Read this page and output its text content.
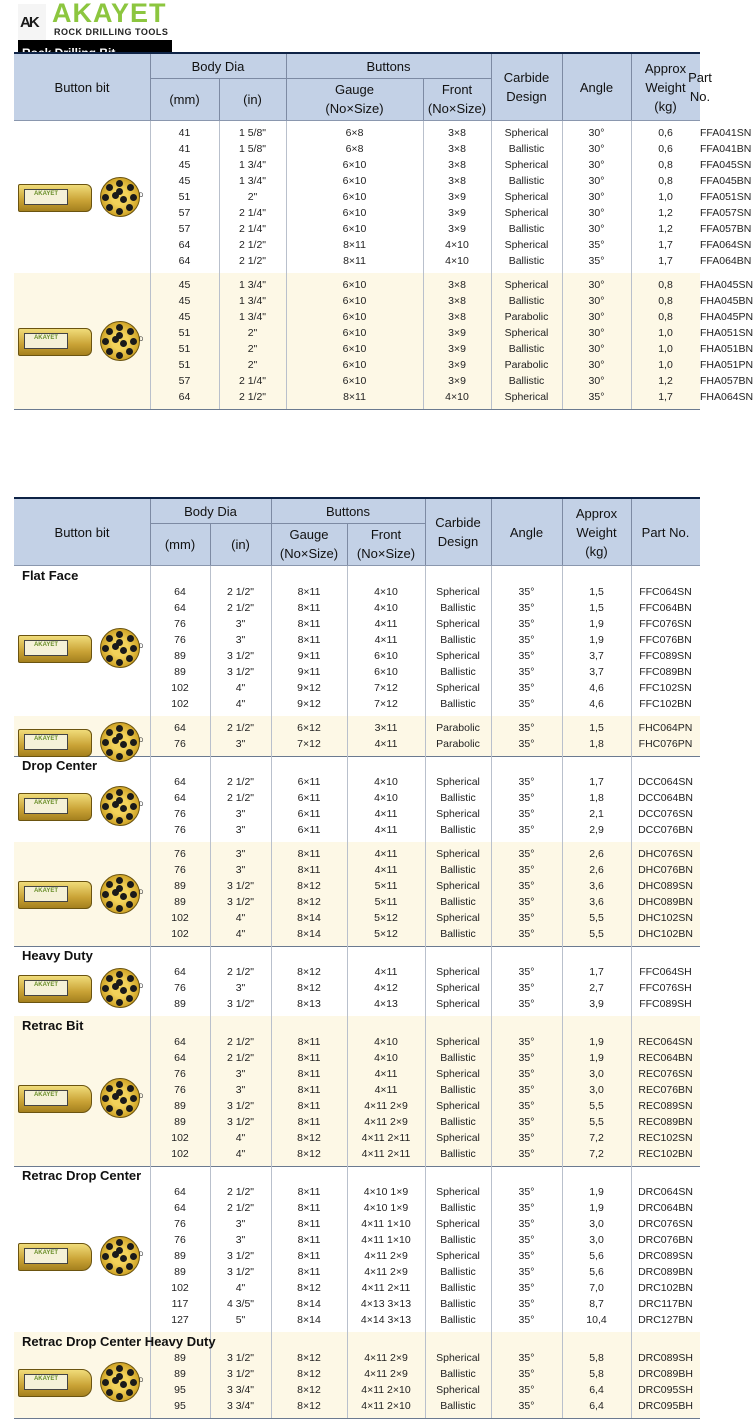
AK AKAYET
ROCK DRILLING TOOLS
Button bit
Body Dia
(mm)	(in)
Buttons
Gauge
(No×Size)
Front
(No×Size)
Carbide
Design
Angle
Approx
Weight
(kg)
Part No.
AKAYET	D
41	1 5/8"	6×8	3×8	Spherical	30°	0,6	FFA041SN
41	1 5/8"	6×8	3×8	Ballistic	30°	0,6	FFA041BN
45	1 3/4"	6×10	3×8	Spherical	30°	0,8	FFA045SN
45	1 3/4"	6×10	3×8	Ballistic	30°	0,8	FFA045BN
51	2"	6×10	3×9	Spherical	30°	1,0	FFA051SN
57	2 1/4"	6×10	3×9	Spherical	30°	1,2	FFA057SN
57	2 1/4"	6×10	3×9	Ballistic	30°	1,2	FFA057BN
64	2 1/2"	8×11	4×10	Spherical	35°	1,7	FFA064SN
64	2 1/2"	8×11	4×10	Ballistic	35°	1,7	FFA064BN
AKAYET	D
45	1 3/4"	6×10	3×8	Spherical	30°	0,8	FHA045SN
45	1 3/4"	6×10	3×8	Ballistic	30°	0,8	FHA045BN
45	1 3/4"	6×10	3×8	Parabolic	30°	0,8	FHA045PN
51	2"	6×10	3×9	Spherical	30°	1,0	FHA051SN
51	2"	6×10	3×9	Ballistic	30°	1,0	FHA051BN
51	2"	6×10	3×9	Parabolic	30°	1,0	FHA051PN
57	2 1/4"	6×10	3×9	Ballistic	30°	1,2	FHA057BN
64	2 1/2"	8×11	4×10	Spherical	35°	1,7	FHA064SN
Button bit
Body Dia
(mm)	(in)
Buttons
Gauge
(No×Size)
Front
(No×Size)
Carbide
Design
Angle
Approx
Weight
(kg)
Part No.
Flat Face
AKAYET	D
64	2 1/2"	8×11	4×10	Spherical	35°	1,5	FFC064SN
64	2 1/2"	8×11	4×10	Ballistic	35°	1,5	FFC064BN
76	3"	8×11	4×11	Spherical	35°	1,9	FFC076SN
76	3"	8×11	4×11	Ballistic	35°	1,9	FFC076BN
89	3 1/2"	9×11	6×10	Spherical	35°	3,7	FFC089SN
89	3 1/2"	9×11	6×10	Ballistic	35°	3,7	FFC089BN
102	4"	9×12	7×12	Spherical	35°	4,6	FFC102SN
102	4"	9×12	7×12	Ballistic	35°	4,6	FFC102BN
AKAYET	D
64	2 1/2"	6×12	3×11	Parabolic	35°	1,5	FHC064PN
76	3"	7×12	4×11	Parabolic	35°	1,8	FHC076PN
Drop Center
AKAYET	D
64	2 1/2"	6×11	4×10	Spherical	35°	1,7	DCC064SN
64	2 1/2"	6×11	4×10	Ballistic	35°	1,8	DCC064BN
76	3"	6×11	4×11	Spherical	35°	2,1	DCC076SN
76	3"	6×11	4×11	Ballistic	35°	2,9	DCC076BN
AKAYET	D
76	3"	8×11	4×11	Spherical	35°	2,6	DHC076SN
76	3"	8×11	4×11	Ballistic	35°	2,6	DHC076BN
89	3 1/2"	8×12	5×11	Spherical	35°	3,6	DHC089SN
89	3 1/2"	8×12	5×11	Ballistic	35°	3,6	DHC089BN
102	4"	8×14	5×12	Spherical	35°	5,5	DHC102SN
102	4"	8×14	5×12	Ballistic	35°	5,5	DHC102BN
Heavy Duty
AKAYET	D
64	2 1/2"	8×12	4×11	Spherical	35°	1,7	FFC064SH
76	3"	8×12	4×12	Spherical	35°	2,7	FFC076SH
89	3 1/2"	8×13	4×13	Spherical	35°	3,9	FFC089SH
Retrac Bit
AKAYET	D
64	2 1/2"	8×11	4×10	Spherical	35°	1,9	REC064SN
64	2 1/2"	8×11	4×10	Ballistic	35°	1,9	REC064BN
76	3"	8×11	4×11	Spherical	35°	3,0	REC076SN
76	3"	8×11	4×11	Ballistic	35°	3,0	REC076BN
89	3 1/2"	8×11	4×11 2×9	Spherical	35°	5,5	REC089SN
89	3 1/2"	8×11	4×11 2×9	Ballistic	35°	5,5	REC089BN
102	4"	8×12	4×11 2×11	Spherical	35°	7,2	REC102SN
102	4"	8×12	4×11 2×11	Ballistic	35°	7,2	REC102BN
Retrac Drop Center
AKAYET	D
64	2 1/2"	8×11	4×10 1×9	Spherical	35°	1,9	DRC064SN
64	2 1/2"	8×11	4×10 1×9	Ballistic	35°	1,9	DRC064BN
76	3"	8×11	4×11 1×10	Spherical	35°	3,0	DRC076SN
76	3"	8×11	4×11 1×10	Ballistic	35°	3,0	DRC076BN
89	3 1/2"	8×11	4×11 2×9	Spherical	35°	5,6	DRC089SN
89	3 1/2"	8×11	4×11 2×9	Ballistic	35°	5,6	DRC089BN
102	4"	8×12	4×11 2×11	Ballistic	35°	7,0	DRC102BN
117	4 3/5"	8×14	4×13 3×13	Ballistic	35°	8,7	DRC117BN
127	5"	8×14	4×14 3×13	Ballistic	35°	10,4	DRC127BN
Retrac Drop Center Heavy Duty
AKAYET	D
89	3 1/2"	8×12	4×11 2×9	Spherical	35°	5,8	DRC089SH
89	3 1/2"	8×12	4×11 2×9	Ballistic	35°	5,8	DRC089BH
95	3 3/4"	8×12	4×11 2×10	Spherical	35°	6,4	DRC095SH
95	3 3/4"	8×12	4×11 2×10	Ballistic	35°	6,4	DRC095BH
